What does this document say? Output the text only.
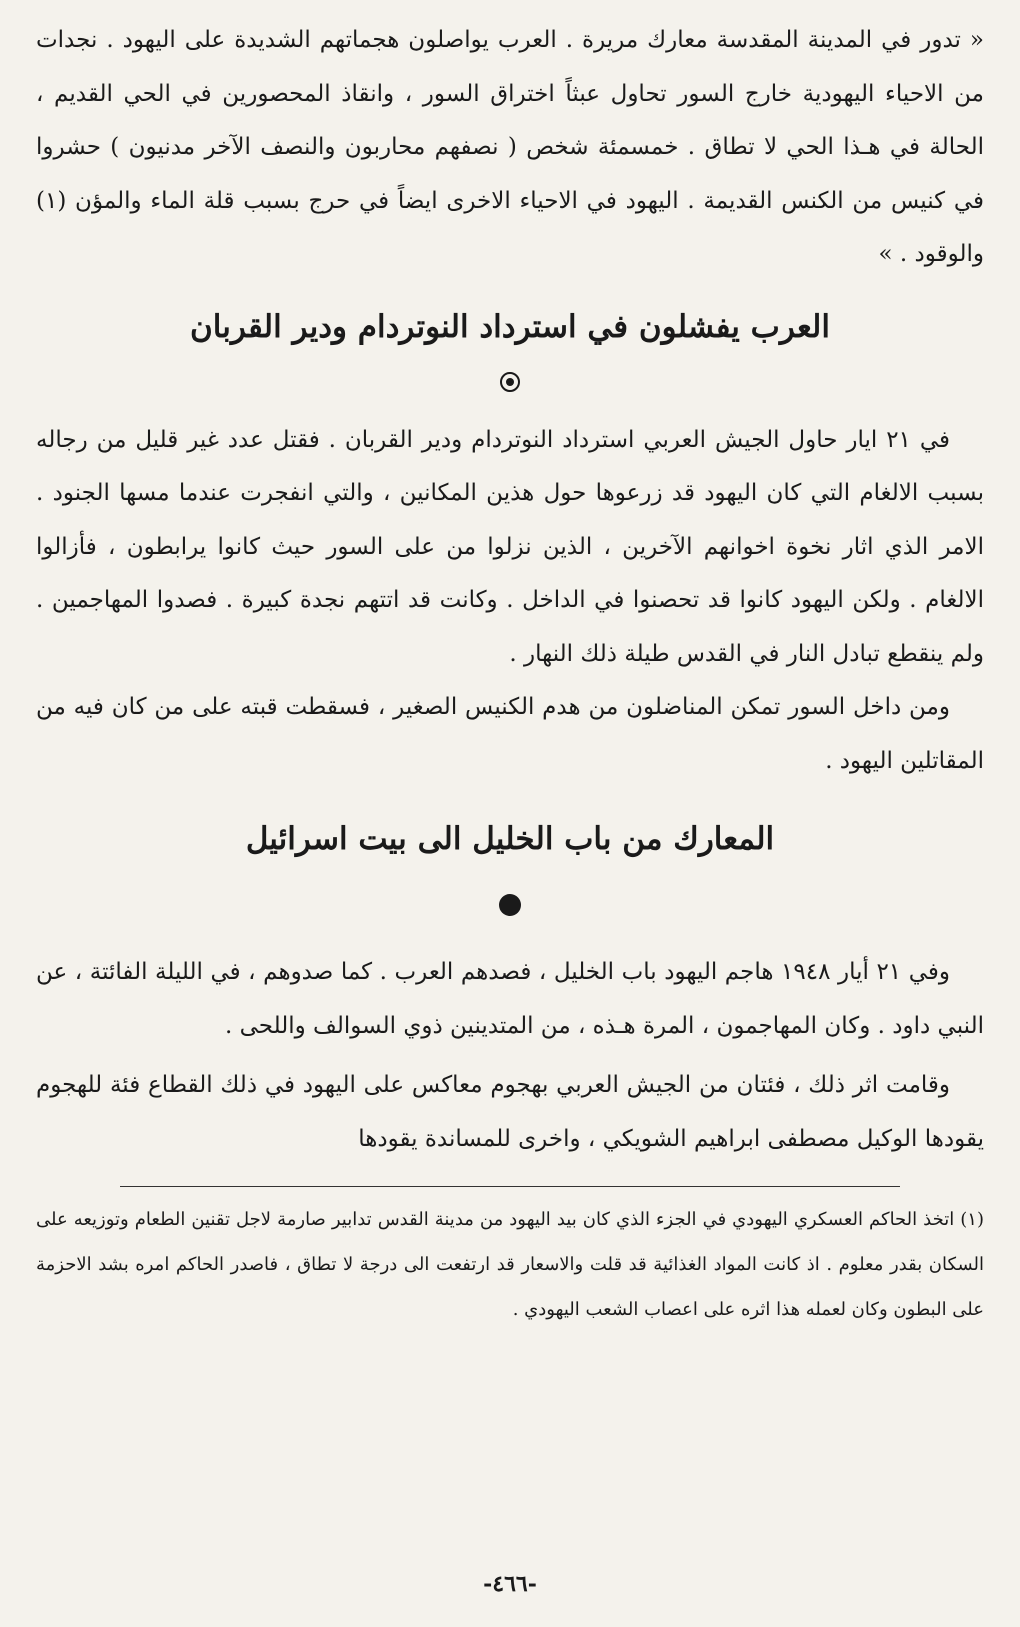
« تدور في المدينة المقدسة معارك مريرة . العرب يواصلون هجماتهم الشديدة على اليهود . نجدات من الاحياء اليهودية خارج السور تحاول عبثاً اختراق السور ، وانقاذ المحصورين في الحي القديم ، الحالة في هـذا الحي لا تطاق . خمسمئة شخص ( نصفهم محاربون والنصف الآخر مدنيون ) حشروا في كنيس من الكنس القديمة . اليهود في الاحياء الاخرى ايضاً في حرج بسبب قلة الماء والمؤن (١) والوقود . »

العرب يفشلون في استرداد النوتردام ودير القربان

في ٢١ ايار حاول الجيش العربي استرداد النوتردام ودير القربان . فقتل عدد غير قليل من رجاله بسبب الالغام التي كان اليهود قد زرعوها حول هذين المكانين ، والتي انفجرت عندما مسها الجنود . الامر الذي اثار نخوة اخوانهم الآخرين ، الذين نزلوا من على السور حيث كانوا يرابطون ، فأزالوا الالغام . ولكن اليهود كانوا قد تحصنوا في الداخل . وكانت قد اتتهم نجدة كبيرة . فصدوا المهاجمين . ولم ينقطع تبادل النار في القدس طيلة ذلك النهار .

ومن داخل السور تمكن المناضلون من هدم الكنيس الصغير ، فسقطت قبته على من كان فيه من المقاتلين اليهود .

المعارك من باب الخليل الى بيت اسرائيل

وفي ٢١ أيار ١٩٤٨ هاجم اليهود باب الخليل ، فصدهم العرب . كما صدوهم ، في الليلة الفائتة ، عن النبي داود . وكان المهاجمون ، المرة هـذه ، من المتدينين ذوي السوالف واللحى .

وقامت اثر ذلك ، فئتان من الجيش العربي بهجوم معاكس على اليهود في ذلك القطاع فئة للهجوم يقودها الوكيل مصطفى ابراهيم الشويكي ، واخرى للمساندة يقودها

(١) اتخذ الحاكم العسكري اليهودي في الجزء الذي كان بيد اليهود من مدينة القدس تدابير صارمة لاجل تقنين الطعام وتوزيعه على السكان بقدر معلوم . اذ كانت المواد الغذائية قد قلت والاسعار قد ارتفعت الى درجة لا تطاق ، فاصدر الحاكم امره بشد الاحزمة على البطون وكان لعمله هذا اثره على اعصاب الشعب اليهودي .

-٤٦٦-
